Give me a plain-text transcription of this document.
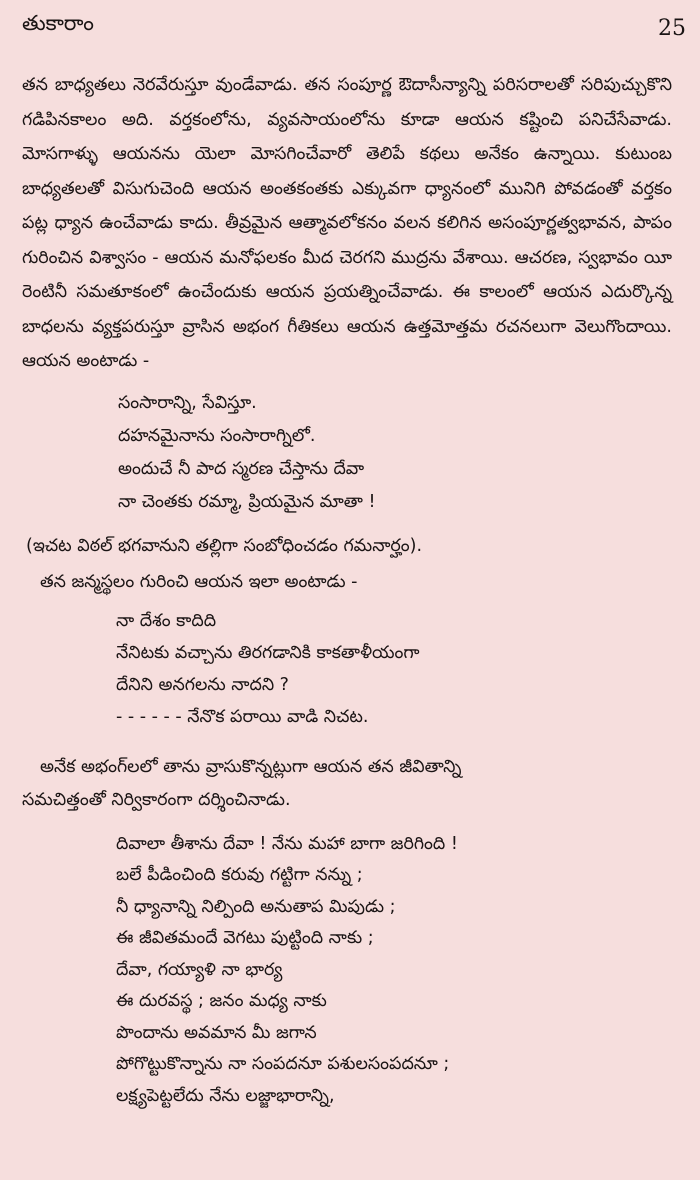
తుకారాం	25

తన బాధ్యతలు నెరవేరుస్తూ వుండేవాడు. తన సంపూర్ణ ఔదాసీన్యాన్ని పరిసరాలతో సరిపుచ్చుకొని గడిపినకాలం అది. వర్తకంలోను, వ్యవసాయంలోను కూడా ఆయన కష్టించి పనిచేసేవాడు. మోసగాళ్ళు ఆయనను యెలా మోసగించేవారో తెలిపే కథలు అనేకం ఉన్నాయి. కుటుంబ బాధ్యతలతో విసుగుచెంది ఆయన అంతకంతకు ఎక్కువగా ధ్యానంలో మునిగి పోవడంతో వర్తకం పట్ల ధ్యాన ఉంచేవాడు కాదు. తీవ్రమైన ఆత్మావలోకనం వలన కలిగిన అసంపూర్ణత్వభావన, పాపం గురించిన విశ్వాసం - ఆయన మనోఫలకం మీద చెరగని ముద్రను వేశాయి. ఆచరణ, స్వభావం యీ రెంటినీ సమతూకంలో ఉంచేందుకు ఆయన ప్రయత్నించేవాడు. ఈ కాలంలో ఆయన ఎదుర్కొన్న బాధలను వ్యక్తపరుస్తూ వ్రాసిన అభంగ గీతికలు ఆయన ఉత్తమోత్తమ రచనలుగా వెలుగొందాయి. ఆయన అంటాడు -

సంసారాన్ని, సేవిస్తూ.
దహనమైనాను సంసారాగ్నిలో.
అందుచే నీ పాద స్మరణ చేస్తాను దేవా
నా చెంతకు రమ్మా, ప్రియమైన మాతా !
(ఇచట విఠల్ భగవానుని తల్లిగా సంబోధించడం గమనార్హం).
తన జన్మస్థలం గురించి ఆయన ఇలా అంటాడు -
నా దేశం కాదిది
నేనిటకు వచ్చాను తిరగడానికి కాకతాళీయంగా
దేనిని అనగలను నాదని ?
- - - - - - నేనొక పరాయి వాడి నిచట.
అనేక అభంగ్‌లలో తాను వ్రాసుకొన్నట్లుగా ఆయన తన జీవితాన్ని
సమచిత్తంతో నిర్వికారంగా దర్శించినాడు.
దివాలా తీశాను దేవా ! నేను మహా బాగా జరిగింది !
బలే పీడించింది కరువు గట్టిగా నన్ను ;
నీ ధ్యానాన్ని నిల్పింది అనుతాప మిపుడు ;
ఈ జీవితమందే వెగటు పుట్టింది నాకు ;
దేవా, గయ్యాళి నా భార్య
ఈ దురవస్థ ; జనం మధ్య నాకు
పొందాను అవమాన మీ జగాన
పోగొట్టుకొన్నాను నా సంపదనూ పశులసంపదనూ ;
లక్ష్యపెట్టలేదు నేను లజ్జాభారాన్ని,
